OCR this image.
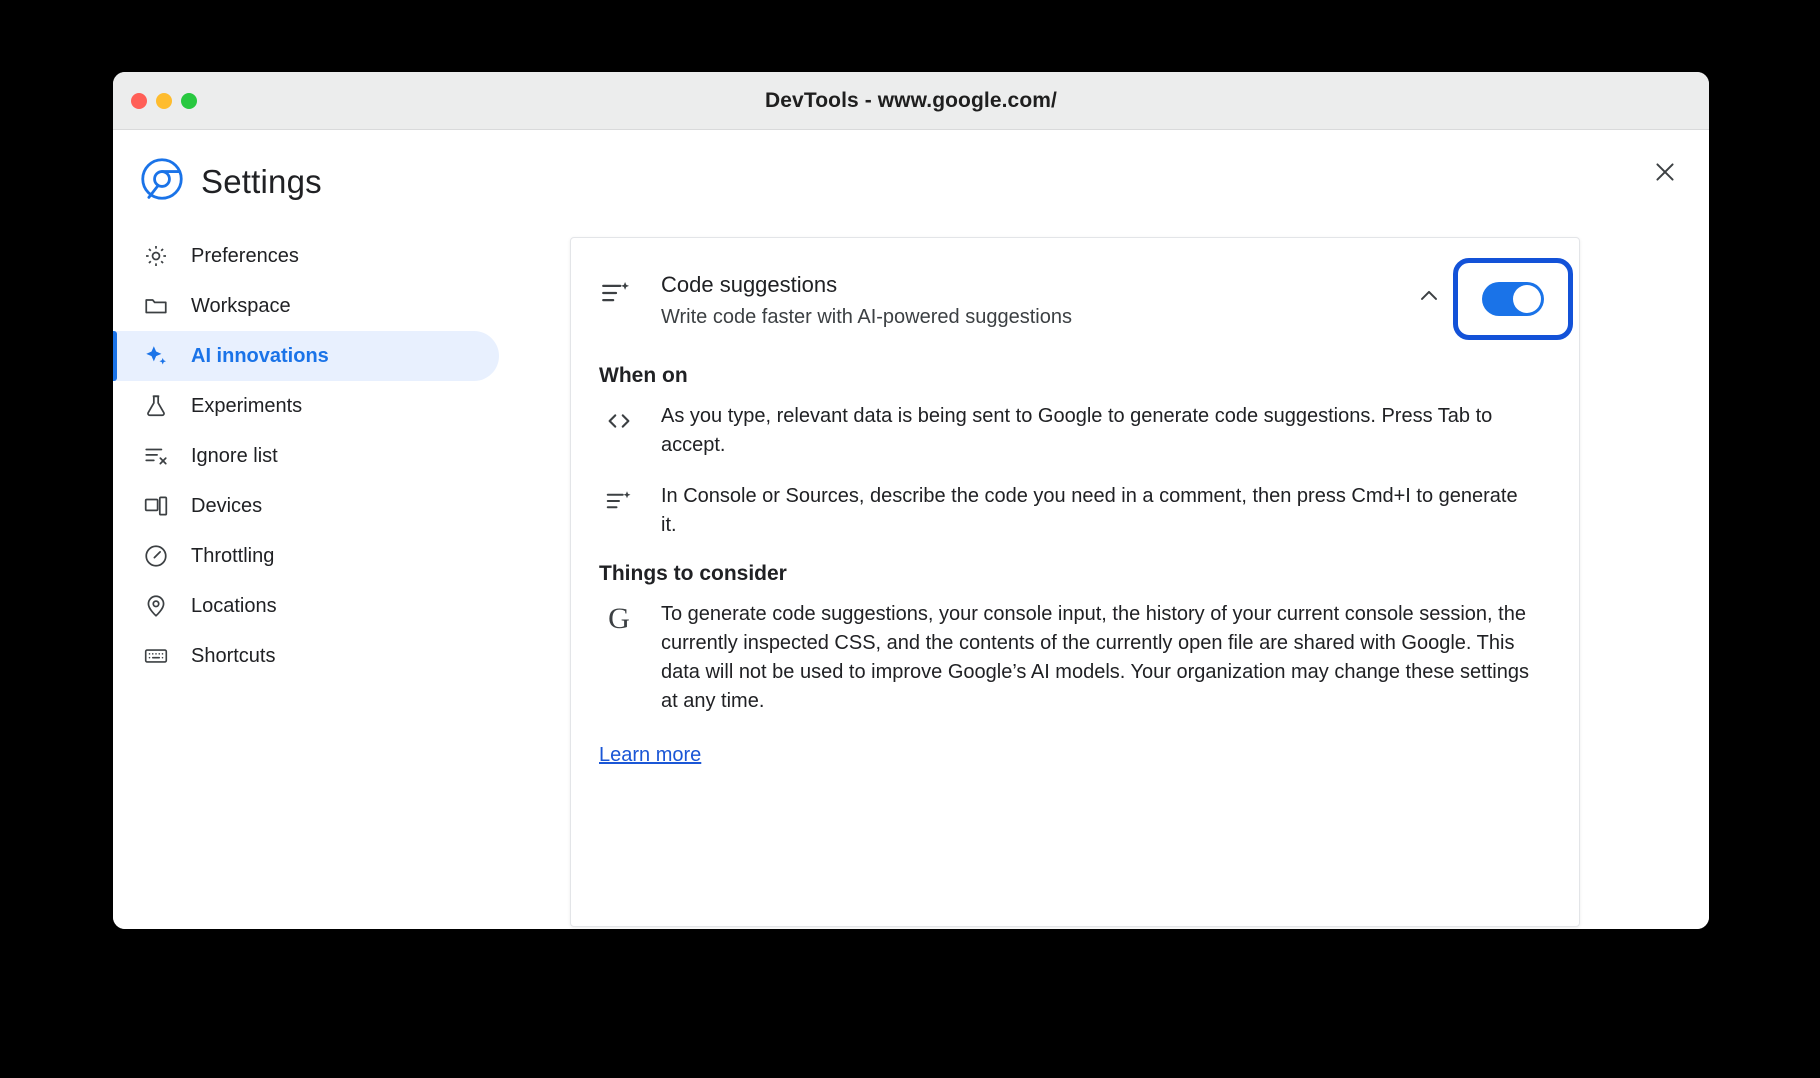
DevTools - www.google.com/
Settings
Preferences
Workspace
AI innovations
Experiments
Ignore list
Devices
Throttling
Locations
Shortcuts
Code suggestions
Write code faster with AI-powered suggestions
When on
As you type, relevant data is being sent to Google to generate code suggestions. Press Tab to accept.
In Console or Sources, describe the code you need in a comment, then press Cmd+I to generate it.
Things to consider
G To generate code suggestions, your console input, the history of your current console session, the currently inspected CSS, and the contents of the currently open file are shared with Google. This data will not be used to improve Google’s AI models. Your organization may change these settings at any time.
Learn more
